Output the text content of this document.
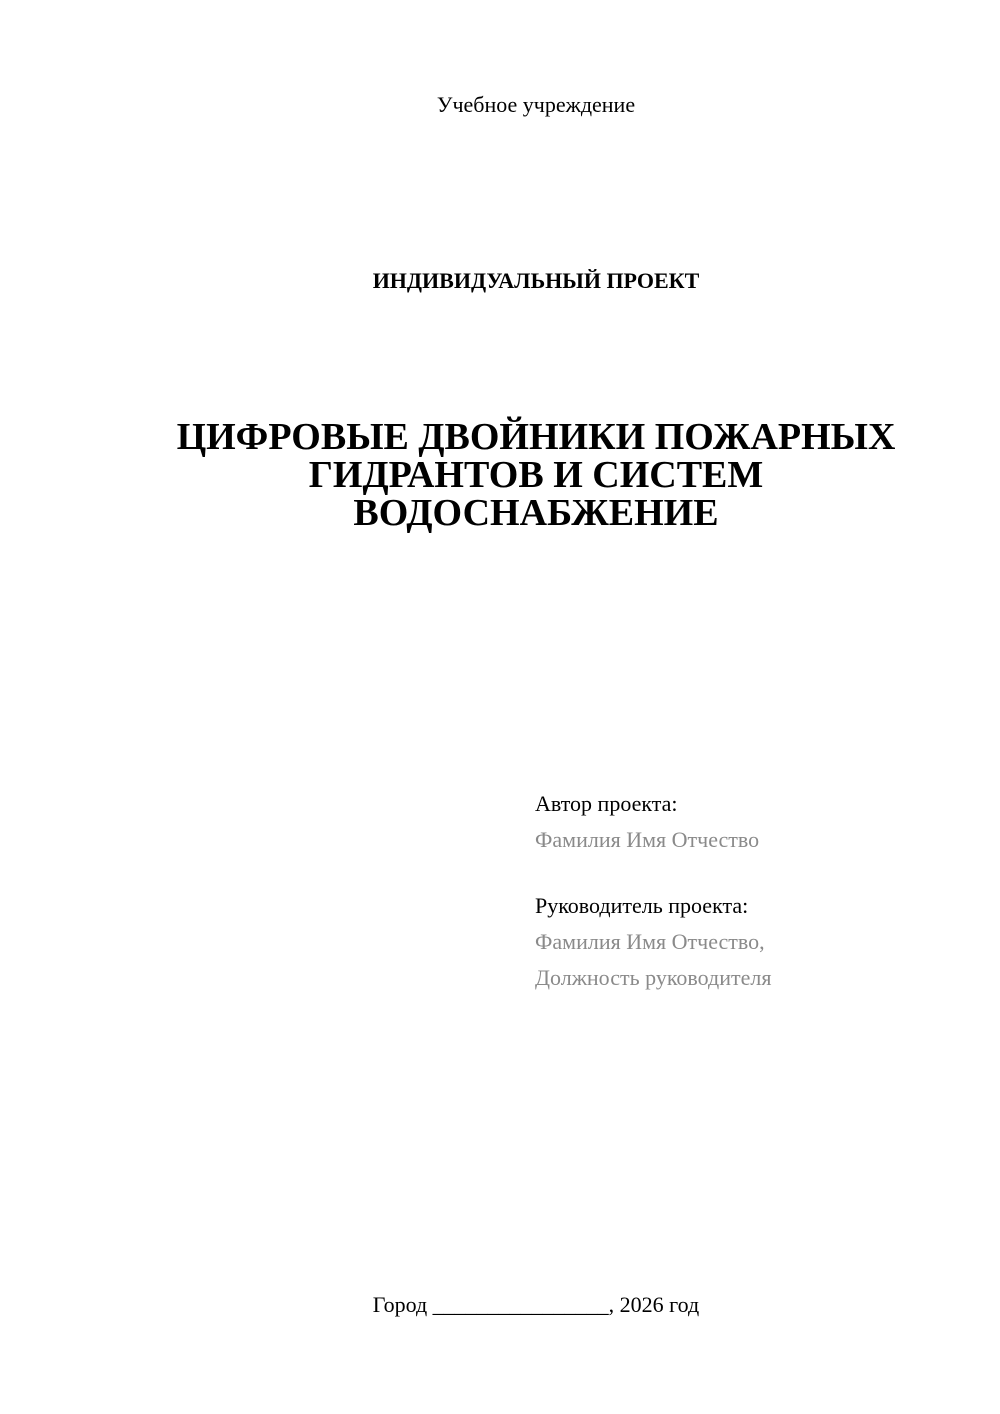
Учебное учреждение
ИНДИВИДУАЛЬНЫЙ ПРОЕКТ
ЦИФРОВЫЕ ДВОЙНИКИ ПОЖАРНЫХ
ГИДРАНТОВ И СИСТЕМ
ВОДОСНАБЖЕНИЕ
Автор проекта:
Фамилия Имя Отчество
Руководитель проекта:
Фамилия Имя Отчество,
Должность руководителя
Город ________________, 2026 год
